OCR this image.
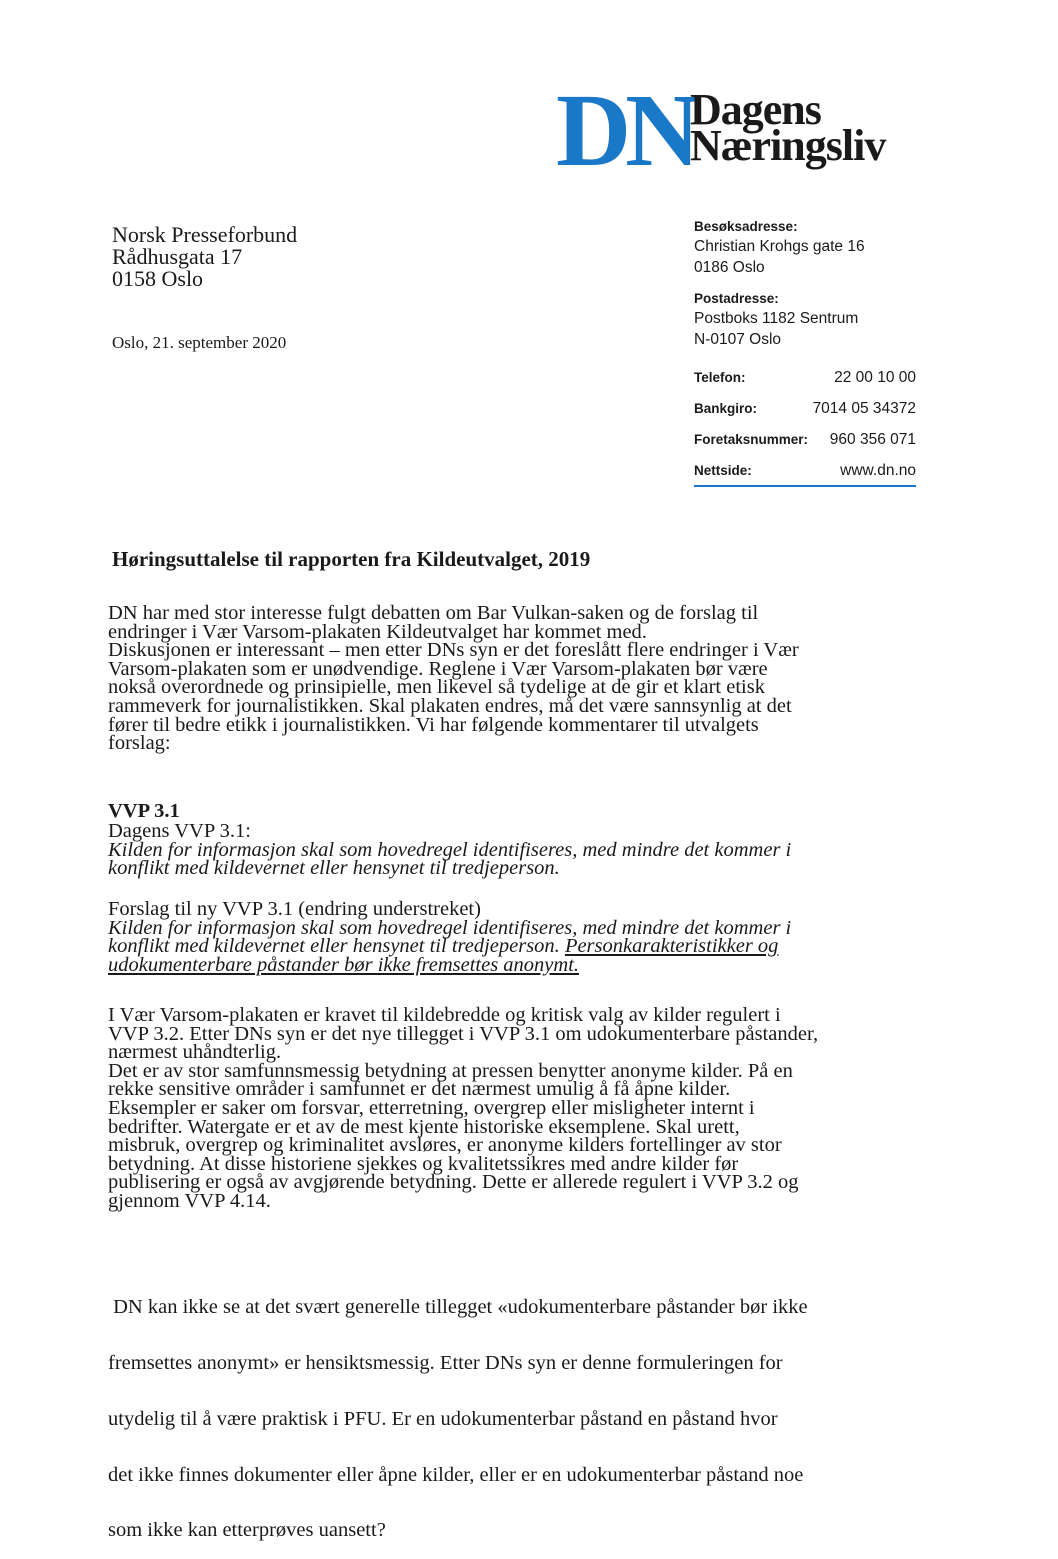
DN
Dagens
Næringsliv
Norsk Presseforbund
Rådhusgata 17
0158 Oslo
Oslo, 21. september 2020
Besøksadresse:
Christian Krohgs gate 16
0186 Oslo
Postadresse:
Postboks 1182 Sentrum
N-0107 Oslo
Telefon:	22 00 10 00
Bankgiro:	7014 05 34372
Foretaksnummer: 960 356 071
Nettside:	www.dn.no
Høringsuttalelse til rapporten fra Kildeutvalget, 2019

DN har med stor interesse fulgt debatten om Bar Vulkan-saken og de forslag til

endringer i Vær Varsom-plakaten Kildeutvalget har kommet med.

Diskusjonen er interessant – men etter DNs syn er det foreslått flere endringer i Vær

Varsom-plakaten som er unødvendige. Reglene i Vær Varsom-plakaten bør være

nokså overordnede og prinsipielle, men likevel så tydelige at de gir et klart etisk

rammeverk for journalistikken. Skal plakaten endres, må det være sannsynlig at det

fører til bedre etikk i journalistikken. Vi har følgende kommentarer til utvalgets

forslag:

VVP 3.1

Dagens VVP 3.1:

Kilden for informasjon skal som hovedregel identifiseres, med mindre det kommer i

konflikt med kildevernet eller hensynet til tredjeperson.

Forslag til ny VVP 3.1 (endring understreket)

Kilden for informasjon skal som hovedregel identifiseres, med mindre det kommer i

konflikt med kildevernet eller hensynet til tredjeperson. Personkarakteristikker og

udokumenterbare påstander bør ikke fremsettes anonymt.

I Vær Varsom-plakaten er kravet til kildebredde og kritisk valg av kilder regulert i

VVP 3.2. Etter DNs syn er det nye tillegget i VVP 3.1 om udokumenterbare påstander,

nærmest uhåndterlig.

Det er av stor samfunnsmessig betydning at pressen benytter anonyme kilder. På en

rekke sensitive områder i samfunnet er det nærmest umulig å få åpne kilder.

Eksempler er saker om forsvar, etterretning, overgrep eller misligheter internt i

bedrifter. Watergate er et av de mest kjente historiske eksemplene. Skal urett,

misbruk, overgrep og kriminalitet avsløres, er anonyme kilders fortellinger av stor

betydning. At disse historiene sjekkes og kvalitetssikres med andre kilder før

publisering er også av avgjørende betydning. Dette er allerede regulert i VVP 3.2 og

gjennom VVP 4.14.

DN kan ikke se at det svært generelle tillegget «udokumenterbare påstander bør ikke

fremsettes anonymt» er hensiktsmessig. Etter DNs syn er denne formuleringen for

utydelig til å være praktisk i PFU. Er en udokumenterbar påstand en påstand hvor

det ikke finnes dokumenter eller åpne kilder, eller er en udokumenterbar påstand noe

som ikke kan etterprøves uansett?
